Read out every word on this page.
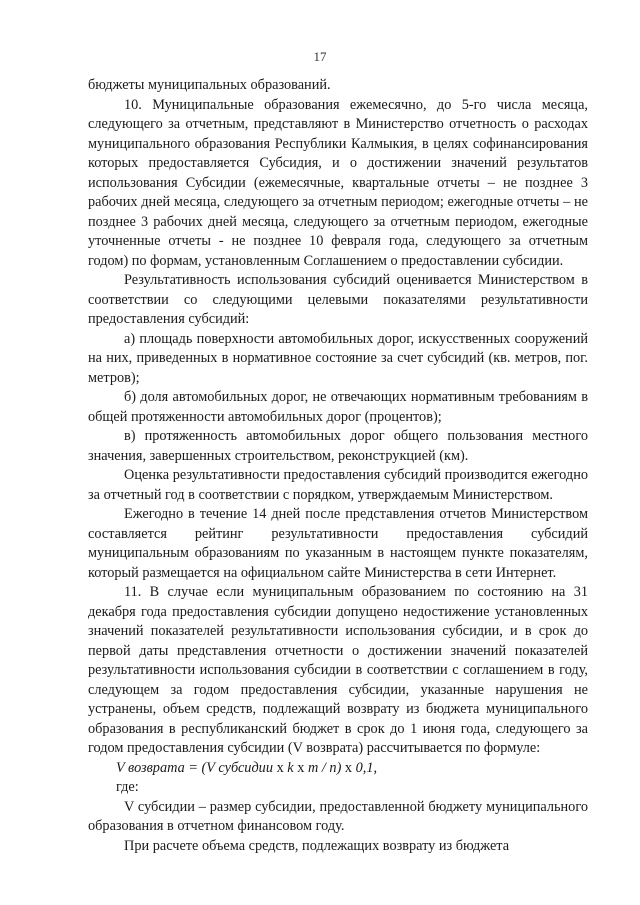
17

бюджеты муниципальных образований.

10. Муниципальные образования ежемесячно, до 5-го числа месяца, следующего за отчетным, представляют в Министерство отчетность о расходах муниципального образования Республики Калмыкия, в целях софинансирования которых предоставляется Субсидия, и о достижении значений результатов использования Субсидии (ежемесячные, квартальные отчеты – не позднее 3 рабочих дней месяца, следующего за отчетным периодом; ежегодные отчеты – не позднее 3 рабочих дней месяца, следующего за отчетным периодом, ежегодные уточненные отчеты - не позднее 10 февраля года, следующего за отчетным годом) по формам, установленным Соглашением о предоставлении субсидии.

Результативность использования субсидий оценивается Министерством в соответствии со следующими целевыми показателями результативности предоставления субсидий:

а) площадь поверхности автомобильных дорог, искусственных сооружений на них, приведенных в нормативное состояние за счет субсидий (кв. метров, пог. метров);

б) доля автомобильных дорог, не отвечающих нормативным требованиям в общей протяженности автомобильных дорог (процентов);

в) протяженность автомобильных дорог общего пользования местного значения, завершенных строительством, реконструкцией (км).

Оценка результативности предоставления субсидий производится ежегодно за отчетный год в соответствии с порядком, утверждаемым Министерством.

Ежегодно в течение 14 дней после представления отчетов Министерством составляется рейтинг результативности предоставления субсидий муниципальным образованиям по указанным в настоящем пункте показателям, который размещается на официальном сайте Министерства в сети Интернет.

11. В случае если муниципальным образованием по состоянию на 31 декабря года предоставления субсидии допущено недостижение установленных значений показателей результативности использования субсидии, и в срок до первой даты представления отчетности о достижении значений показателей результативности использования субсидии в соответствии с соглашением в году, следующем за годом предоставления субсидии, указанные нарушения не устранены, объем средств, подлежащий возврату из бюджета муниципального образования в республиканский бюджет в срок до 1 июня года, следующего за годом предоставления субсидии (V возврата) рассчитывается по формуле:

V возврата = (V субсидии x k x m / n) x 0,1,

где:

V субсидии – размер субсидии, предоставленной бюджету муниципального образования в отчетном финансовом году.

При расчете объема средств, подлежащих возврату из бюджета
